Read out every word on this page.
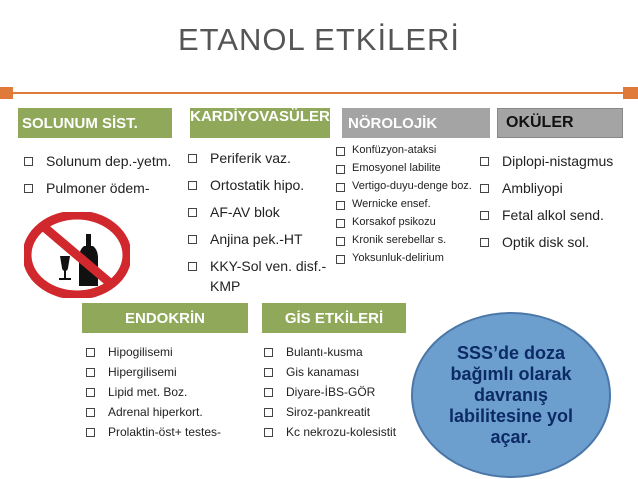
ETANOL ETKİLERİ
SOLUNUM SİST.	KARDİYOVASÜLER	NÖROLOJİK	OKÜLER
Solunum dep.-yetm.
Pulmoner ödem-
Periferik vaz.
Ortostatik hipo.
AF-AV blok
Anjina pek.-HT
KKY-Sol ven. disf.-KMP
Konfüzyon-ataksi
Emosyonel labilite
Vertigo-duyu-denge boz.
Wernicke ensef.
Korsakof psikozu
Kronik serebellar s.
Yoksunluk-delirium
Diplopi-nistagmus
Ambliyopi
Fetal alkol send.
Optik disk sol.
ENDOKRİN	GİS ETKİLERİ
Hipogilisemi
Hipergilisemi
Lipid met. Boz.
Adrenal hiperkort.
Prolaktin-öst+ testes-
Bulantı-kusma
Gis kanaması
Diyare-İBS-GÖR
Siroz-pankreatit
Kc nekrozu-kolesistit
SSS’de doza bağımlı olarak davranış labilitesine yol açar.
